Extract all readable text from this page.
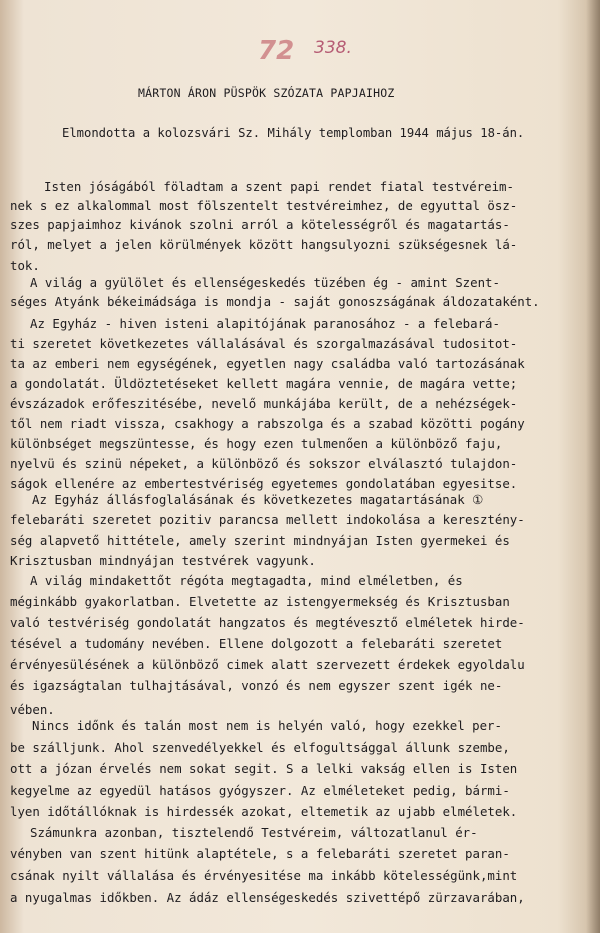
72 338.
MÁRTON ÁRON PÜSPÖK SZÓZATA PAPJAIHOZ
Elmondotta a kolozsvári Sz. Mihály templomban 1944 május 18-án.
Isten jóságából föladtam a szent papi rendet fiatal testvéreim-
nek s ez alkalommal most fölszentelt testvéreimhez, de egyuttal ösz-
szes papjaimhoz kivánok szolni arról a kötelességről és magatartás-
ról, melyet a jelen körülmények között hangsulyozni szükségesnek lá-
tok.
A világ a gyülölet és ellenségeskedés tüzében ég - amint Szent-
séges Atyánk békeimádsága is mondja - saját gonoszságának áldozataként.
Az Egyház - hiven isteni alapitójának paranosához - a felebará-
ti szeretet következetes vállalásával és szorgalmazásával tudositot-
ta az emberi nem egységének, egyetlen nagy családba való tartozásának
a gondolatát. Üldöztetéseket kellett magára vennie, de magára vette;
évszázadok erőfeszitésébe, nevelő munkájába került, de a nehézségek-
től nem riadt vissza, csakhogy a rabszolga és a szabad közötti pogány
különbséget megszüntesse, és hogy ezen tulmenően a különböző faju,
nyelvü és szinü népeket, a különböző és sokszor elválasztó tulajdon-
ságok ellenére az embertestvériség egyetemes gondolatában egyesitse.
Az Egyház állásfoglalásának és következetes magatartásának ①
felebaráti szeretet pozitiv parancsa mellett indokolása a keresztény-
ség alapvető hittétele, amely szerint mindnyájan Isten gyermekei és
Krisztusban mindnyájan testvérek vagyunk.
A világ mindakettőt régóta megtagadta, mind elméletben, és
méginkább gyakorlatban. Elvetette az istengyermekség és Krisztusban
való testvériség gondolatát hangzatos és megtévesztő elméletek hirde-
tésével a tudomány nevében. Ellene dolgozott a felebaráti szeretet
érvényesülésének a különböző cimek alatt szervezett érdekek egyoldalu
és igazságtalan tulhajtásával, vonzó és nem egyszer szent igék ne-
vében.
Nincs időnk és talán most nem is helyén való, hogy ezekkel per-
be szálljunk. Ahol szenvedélyekkel és elfogultsággal állunk szembe,
ott a józan érvelés nem sokat segit. S a lelki vakság ellen is Isten
kegyelme az egyedül hatásos gyógyszer. Az elméleteket pedig, bármi-
lyen időtállóknak is hirdessék azokat, eltemetik az ujabb elméletek.
Számunkra azonban, tisztelendő Testvéreim, változatlanul ér-
vényben van szent hitünk alaptétele, s a felebaráti szeretet paran-
csának nyilt vállalása és érvényesitése ma inkább kötelességünk,mint
a nyugalmas időkben. Az ádáz ellenségeskedés szivettépő zürzavarában,
